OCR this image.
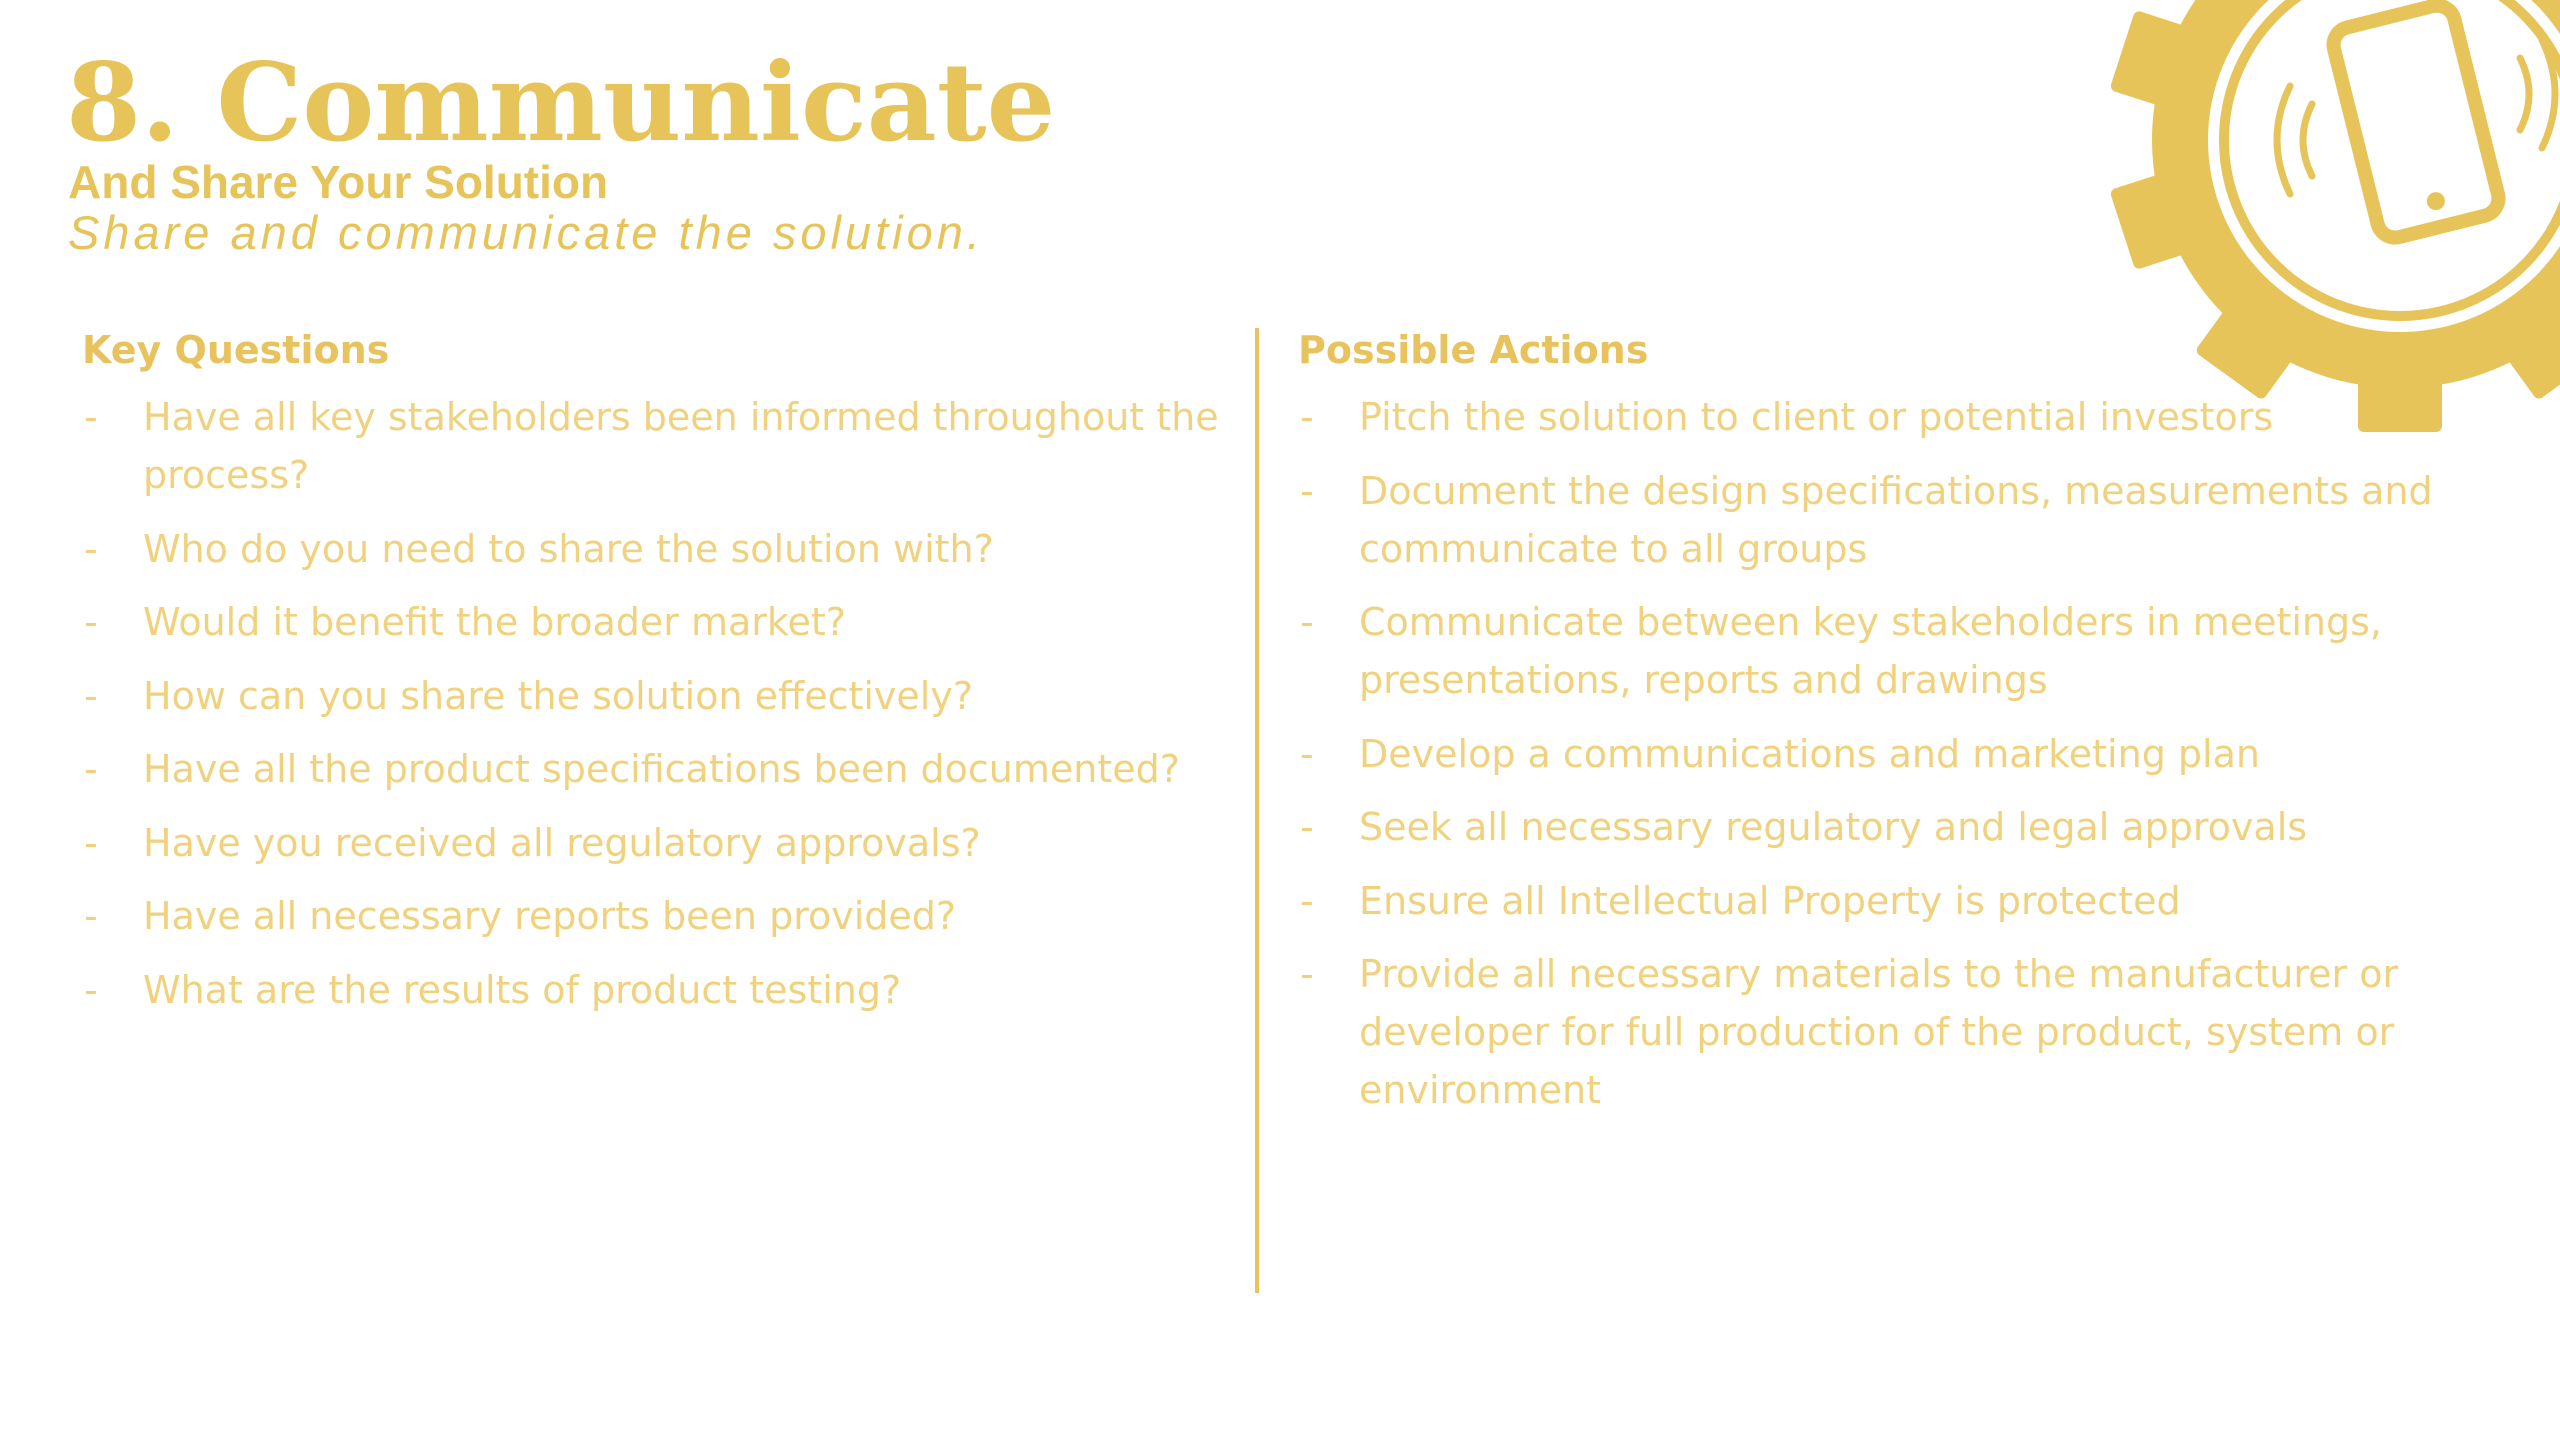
8. Communicate
And Share Your Solution
Share and communicate the solution.
Key Questions
- Have all key stakeholders been informed throughout the process?
- Who do you need to share the solution with?
- Would it benefit the broader market?
- How can you share the solution effectively?
- Have all the product specifications been documented?
- Have you received all regulatory approvals?
- Have all necessary reports been provided?
- What are the results of product testing?
Possible Actions
- Pitch the solution to client or potential investors
- Document the design specifications, measurements and communicate to all groups
- Communicate between key stakeholders in meetings, presentations, reports and drawings
- Develop a communications and marketing plan
- Seek all necessary regulatory and legal approvals
- Ensure all Intellectual Property is protected
- Provide all necessary materials to the manufacturer or developer for full production of the product, system or environment
